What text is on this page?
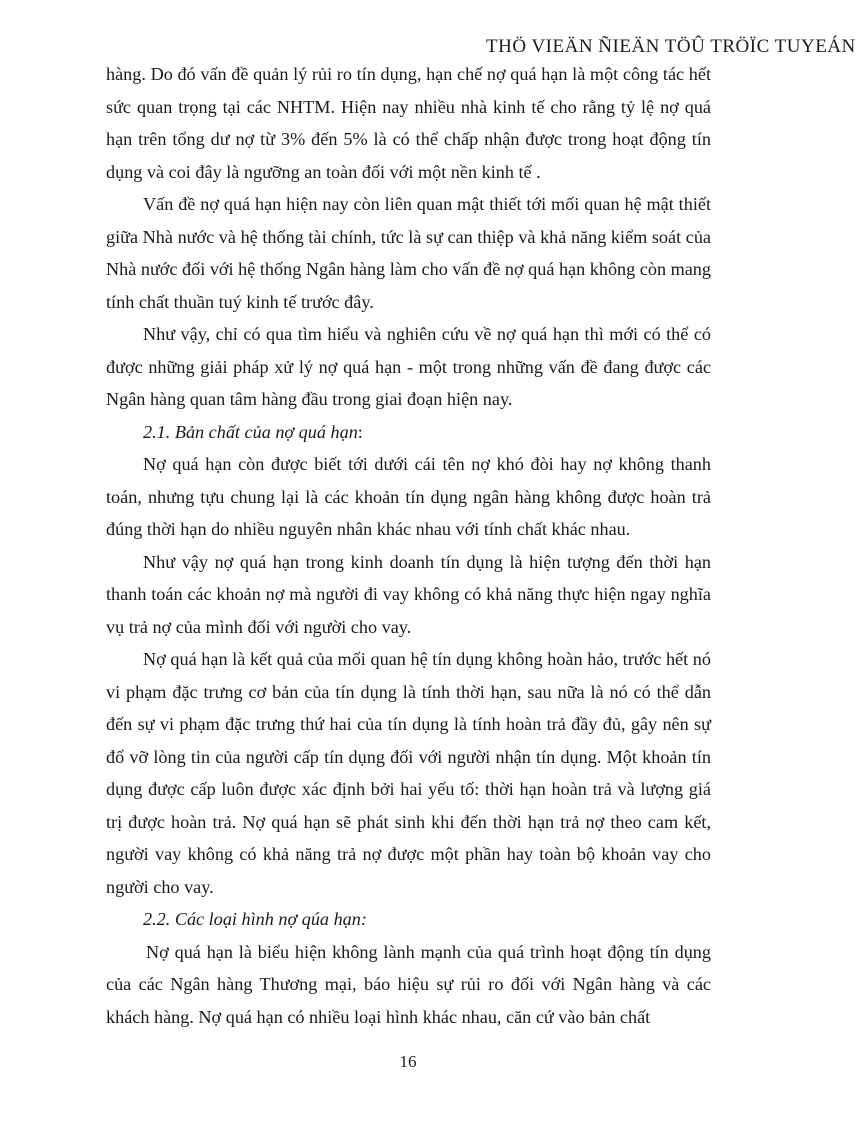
THÖ VIEÄN ÑIEÄN TÖÛ TRÖÏC TUYEÁN

hàng. Do đó vấn đề quản lý rủi ro tín dụng, hạn chế nợ quá hạn là một công tác hết sức quan trọng tại các NHTM. Hiện nay nhiều nhà kinh tế cho rằng tỷ lệ nợ quá hạn trên tổng dư nợ từ 3% đến 5% là có thể chấp nhận được trong hoạt động tín dụng và coi đây là ngưỡng an toàn đối với một nền kinh tế .

Vấn đề nợ quá hạn hiện nay còn liên quan mật thiết tới mối quan hệ mật thiết giữa Nhà nước và hệ thống tài chính, tức là sự can thiệp và khả năng kiểm soát của Nhà nước đối với hệ thống Ngân hàng làm cho vấn đề nợ quá hạn không còn mang tính chất thuần tuý kinh tế trước đây.

Như vậy, chỉ có qua tìm hiểu và nghiên cứu về nợ quá hạn thì mới có thể có được những giải pháp xử lý nợ quá hạn - một trong những vấn đề đang được các Ngân hàng quan tâm hàng đầu trong giai đoạn hiện nay.

2.1. Bản chất của nợ quá hạn:

Nợ quá hạn còn được biết tới dưới cái tên nợ khó đòi hay nợ không thanh toán, nhưng tựu chung lại là các khoản tín dụng ngân hàng không được hoàn trả đúng thời hạn do nhiều nguyên nhân khác nhau với tính chất khác nhau.

Như vậy nợ quá hạn trong kinh doanh tín dụng là hiện tượng đến thời hạn thanh toán các khoản nợ mà người đi vay không có khả năng thực hiện ngay nghĩa vụ trả nợ của mình đối với người cho vay.

Nợ quá hạn là kết quả của mối quan hệ tín dụng không hoàn hảo, trước hết nó vi phạm đặc trưng cơ bản của tín dụng là tính thời hạn, sau nữa là nó có thể dẫn đến sự vi phạm đặc trưng thứ hai của tín dụng là tính hoàn trả đầy đủ, gây nên sự đổ vỡ lòng tin của người cấp tín dụng đối với người nhận tín dụng. Một khoản tín dụng được cấp luôn được xác định bởi hai yếu tố: thời hạn hoàn trả và lượng giá trị được hoàn trả. Nợ quá hạn sẽ phát sinh khi đến thời hạn trả nợ theo cam kết, người vay không có khả năng trả nợ được một phần hay toàn bộ khoản vay cho người cho vay.

2.2. Các loại hình nợ qúa hạn:

Nợ quá hạn là biểu hiện không lành mạnh của quá trình hoạt động tín dụng của các Ngân hàng Thương mại, báo hiệu sự rủi ro đối với Ngân hàng và các khách hàng. Nợ quá hạn có nhiều loại hình khác nhau, căn cứ vào bản chất

16
